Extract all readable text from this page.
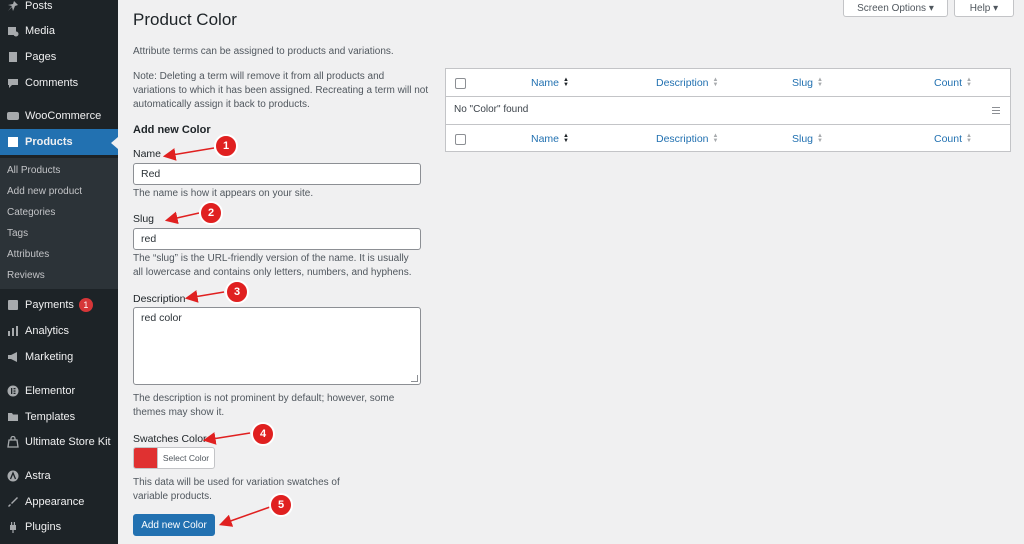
Posts
Media
Pages
Comments
WooCommerce
Products
All Products
Add new product
Categories
Tags
Attributes
Reviews
Payments	1
Analytics
Marketing
Elementor
Templates
Ultimate Store Kit
Astra
Appearance
Plugins
Screen Options
▾	Help
▾
Product Color
Attribute terms can be assigned to products and variations.
Note: Deleting a term will remove it from all products and
variations to which it has been assigned. Recreating a term will not
automatically assign it back to products.
Add new Color
Name
Red
The name is how it appears on your site.
Slug
red
The “slug” is the URL-friendly version of the name. It is usually
all lowercase and contains only letters, numbers, and hyphens.
Description
red color
The description is not prominent by default; however, some
themes may show it.
Swatches Color
Select Color
This data will be used for variation swatches of
variable products.
Add new Color
Name ▲
▼	Description ▲
▼	Slug ▲
▼	Count ▲
▼
No "Color" found
Name ▲
▼	Description ▲
▼	Slug ▲
▼	Count ▲
▼
1
2
3
4
5
